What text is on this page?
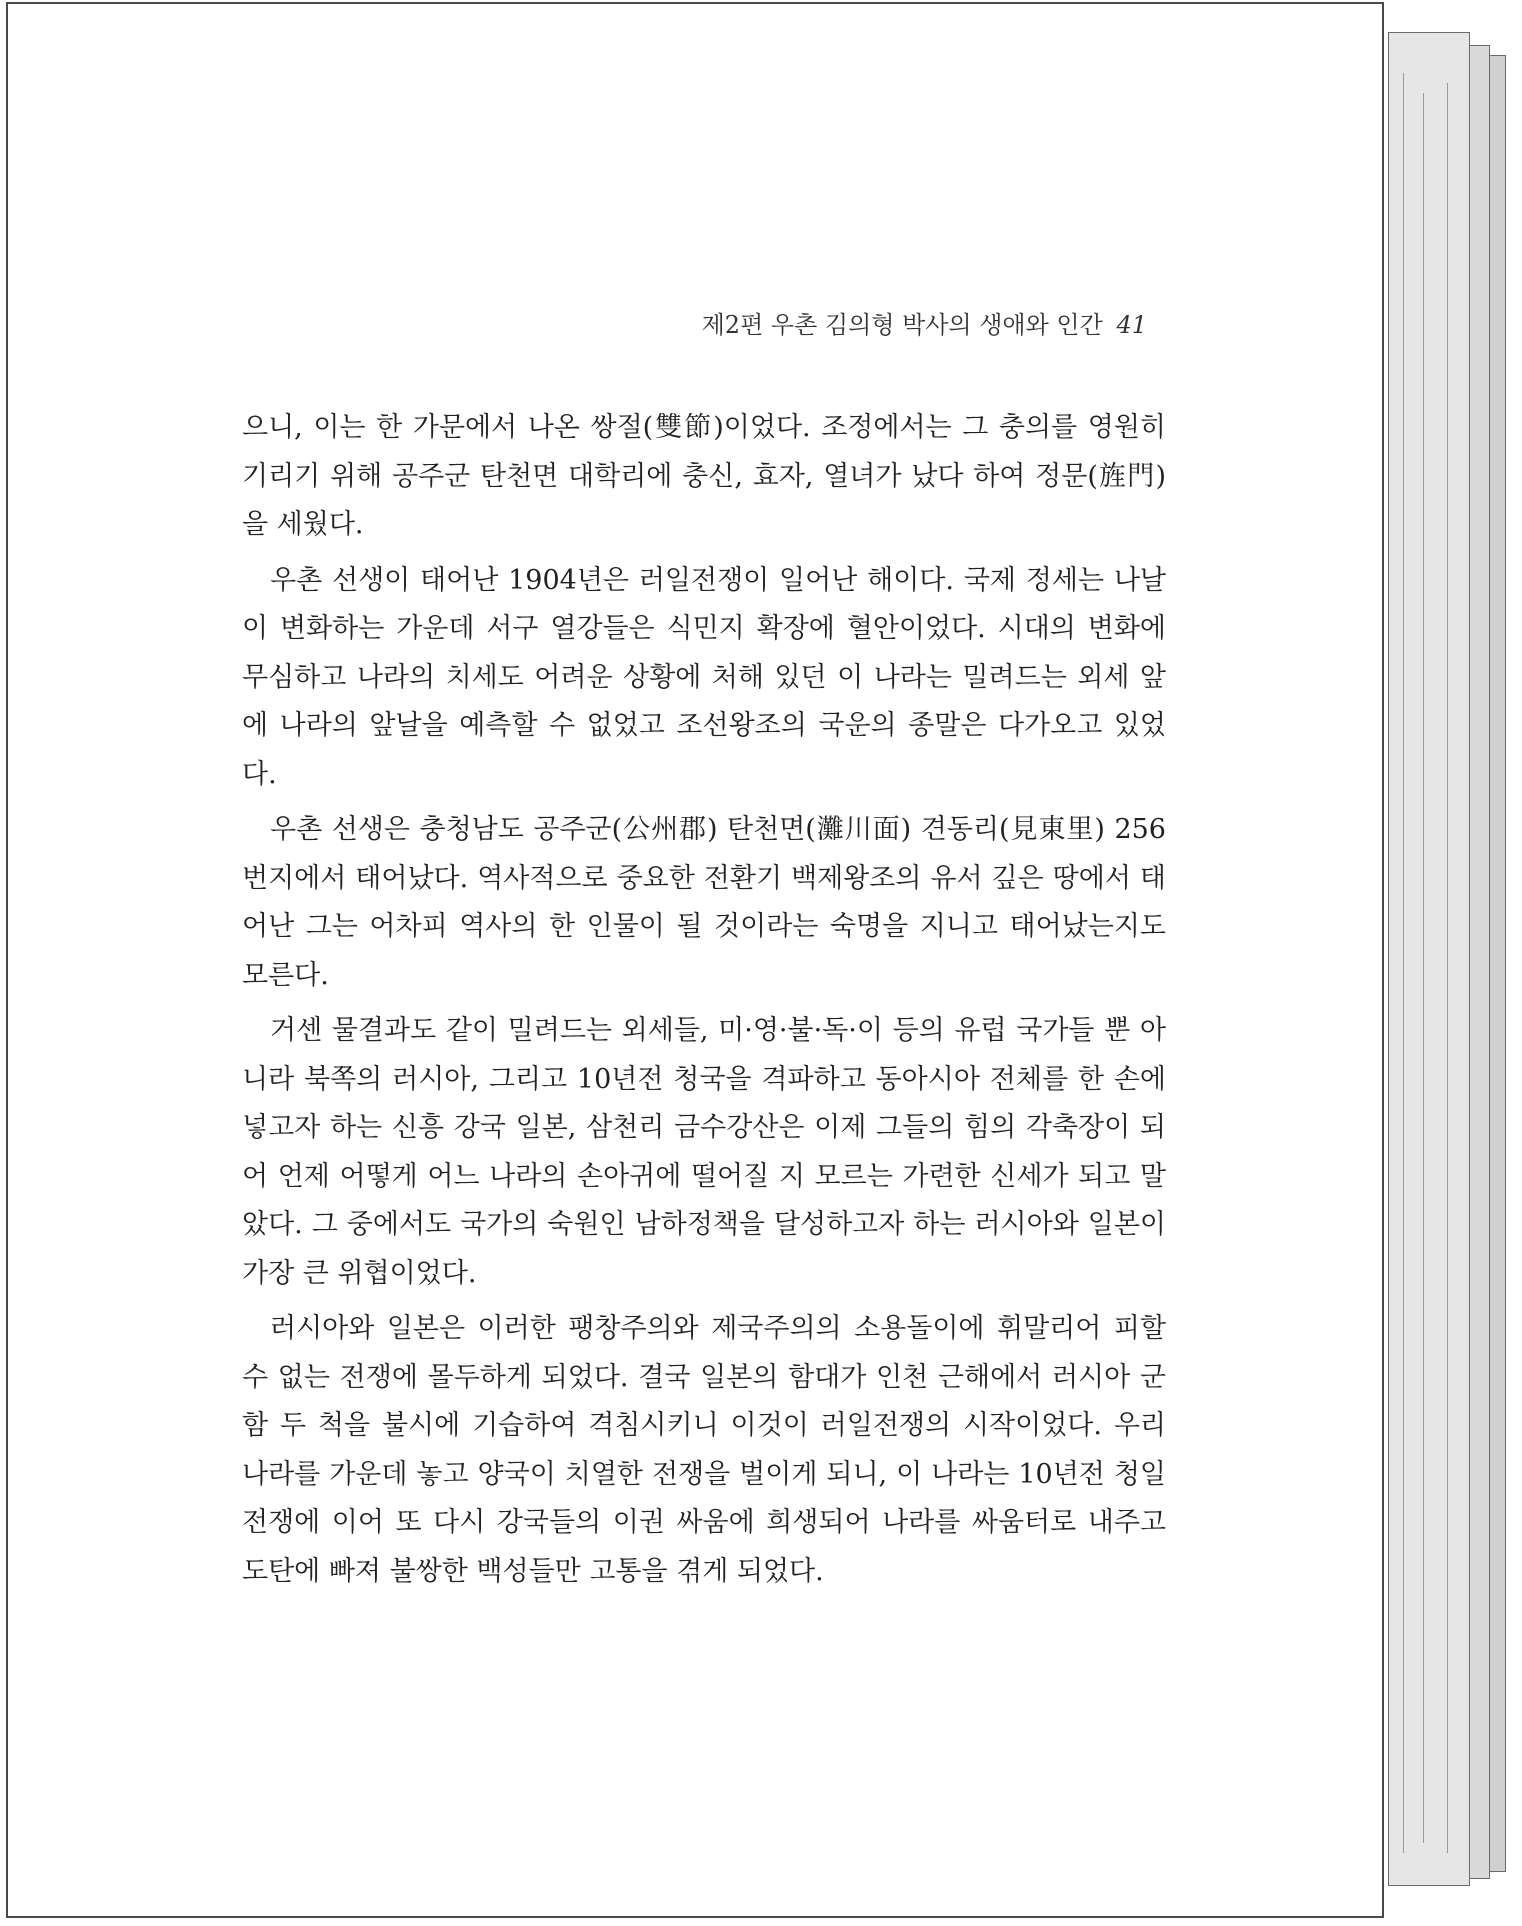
제2편 우촌 김의형 박사의 생애와 인간 41

으니, 이는 한 가문에서 나온 쌍절(雙節)이었다. 조정에서는 그 충의를 영원히 기리기 위해 공주군 탄천면 대학리에 충신, 효자, 열녀가 났다 하여 정문(旌門)을 세웠다.

우촌 선생이 태어난 1904년은 러일전쟁이 일어난 해이다. 국제 정세는 나날이 변화하는 가운데 서구 열강들은 식민지 확장에 혈안이었다. 시대의 변화에 무심하고 나라의 치세도 어려운 상황에 처해 있던 이 나라는 밀려드는 외세 앞에 나라의 앞날을 예측할 수 없었고 조선왕조의 국운의 종말은 다가오고 있었다.

우촌 선생은 충청남도 공주군(公州郡) 탄천면(灘川面) 견동리(見東里) 256번지에서 태어났다. 역사적으로 중요한 전환기 백제왕조의 유서 깊은 땅에서 태어난 그는 어차피 역사의 한 인물이 될 것이라는 숙명을 지니고 태어났는지도 모른다.

거센 물결과도 같이 밀려드는 외세들, 미·영·불·독·이 등의 유럽 국가들 뿐 아니라 북쪽의 러시아, 그리고 10년전 청국을 격파하고 동아시아 전체를 한 손에 넣고자 하는 신흥 강국 일본, 삼천리 금수강산은 이제 그들의 힘의 각축장이 되어 언제 어떻게 어느 나라의 손아귀에 떨어질 지 모르는 가련한 신세가 되고 말았다. 그 중에서도 국가의 숙원인 남하정책을 달성하고자 하는 러시아와 일본이 가장 큰 위협이었다.

러시아와 일본은 이러한 팽창주의와 제국주의의 소용돌이에 휘말리어 피할 수 없는 전쟁에 몰두하게 되었다. 결국 일본의 함대가 인천 근해에서 러시아 군함 두 척을 불시에 기습하여 격침시키니 이것이 러일전쟁의 시작이었다. 우리 나라를 가운데 놓고 양국이 치열한 전쟁을 벌이게 되니, 이 나라는 10년전 청일전쟁에 이어 또 다시 강국들의 이권 싸움에 희생되어 나라를 싸움터로 내주고 도탄에 빠져 불쌍한 백성들만 고통을 겪게 되었다.
